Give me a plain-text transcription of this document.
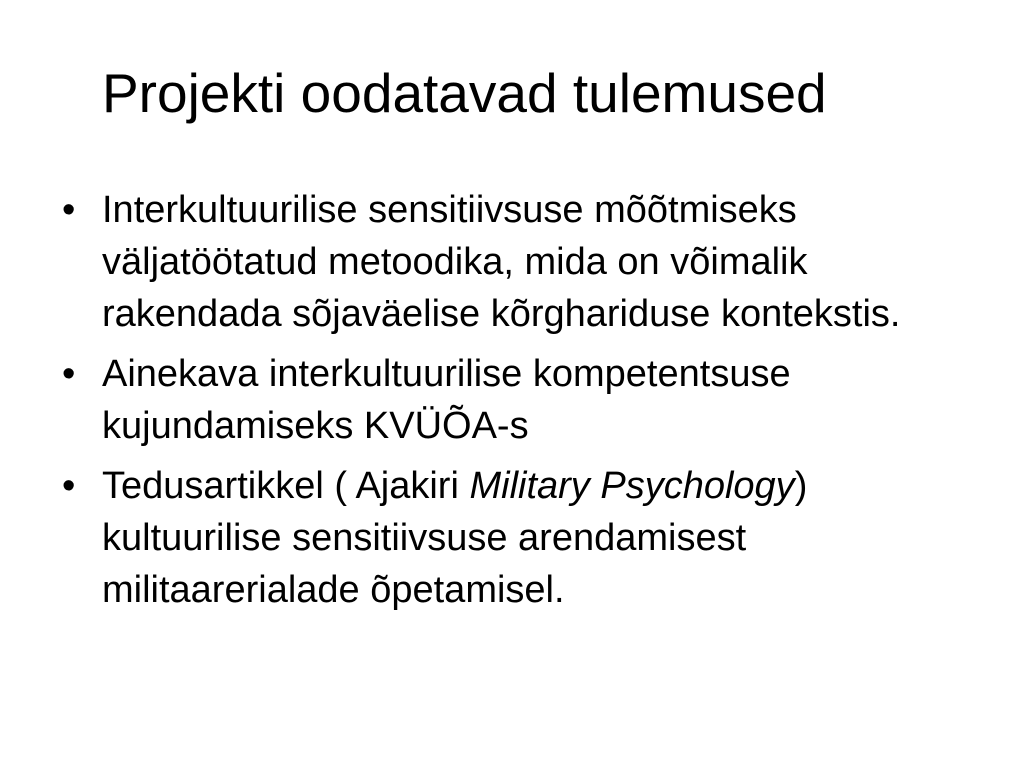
Projekti oodatavad tulemused
• Interkultuurilise sensitiivsuse mõõtmiseks väljatöötatud metoodika, mida on võimalik rakendada sõjaväelise kõrghariduse kontekstis.
• Ainekava interkultuurilise kompetentsuse kujundamiseks KVÜÕA-s
• Tedusartikkel ( Ajakiri Military Psychology) kultuurilise sensitiivsuse arendamisest militaarerialade õpetamisel.
